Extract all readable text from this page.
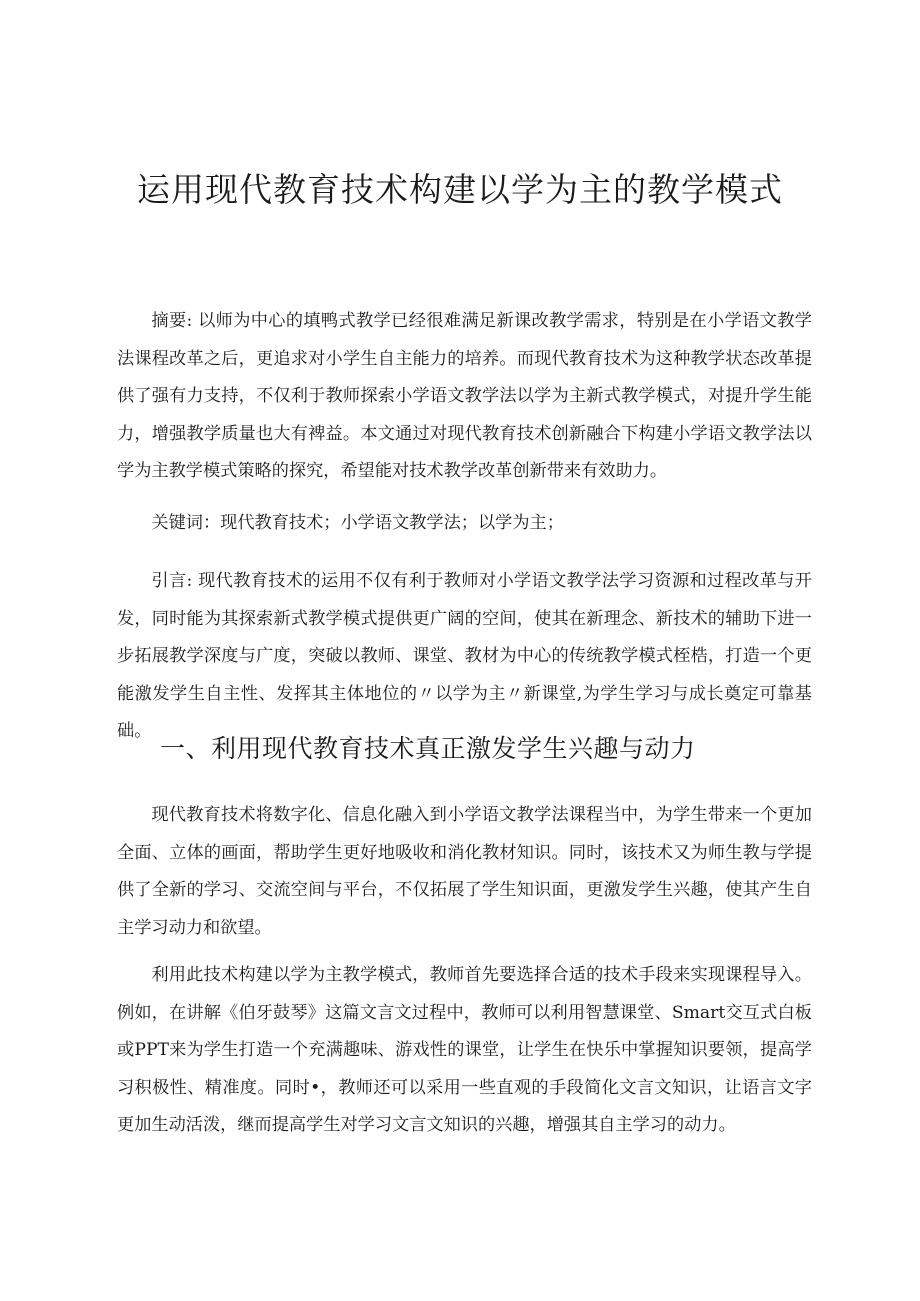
运用现代教育技术构建以学为主的教学模式

摘要: 以师为中心的填鸭式教学已经很难满足新课改教学需求，特别是在小学语文教学法课程改革之后，更追求对小学生自主能力的培养。而现代教育技术为这种教学状态改革提供了强有力支持，不仅利于教师探索小学语文教学法以学为主新式教学模式，对提升学生能力，增强教学质量也大有裨益。本文通过对现代教育技术创新融合下构建小学语文教学法以学为主教学模式策略的探究，希望能对技术教学改革创新带来有效助力。

关键词：现代教育技术；小学语文教学法；以学为主；

引言: 现代教育技术的运用不仅有利于教师对小学语文教学法学习资源和过程改革与开发，同时能为其探索新式教学模式提供更广阔的空间，使其在新理念、新技术的辅助下进一步拓展教学深度与广度，突破以教师、课堂、教材为中心的传统教学模式桎梏，打造一个更能激发学生自主性、发挥其主体地位的〃以学为主〃新课堂,为学生学习与成长奠定可靠基础。

一、利用现代教育技术真正激发学生兴趣与动力

现代教育技术将数字化、信息化融入到小学语文教学法课程当中，为学生带来一个更加全面、立体的画面，帮助学生更好地吸收和消化教材知识。同时，该技术又为师生教与学提供了全新的学习、交流空间与平台，不仅拓展了学生知识面，更激发学生兴趣，使其产生自主学习动力和欲望。

利用此技术构建以学为主教学模式，教师首先要选择合适的技术手段来实现课程导入。例如，在讲解《伯牙鼓琴》这篇文言文过程中，教师可以利用智慧课堂、Smart交互式白板或PPT来为学生打造一个充满趣味、游戏性的课堂，让学生在快乐中掌握知识要领，提高学习积极性、精准度。同时•，教师还可以采用一些直观的手段简化文言文知识，让语言文字更加生动活泼，继而提高学生对学习文言文知识的兴趣，增强其自主学习的动力。
